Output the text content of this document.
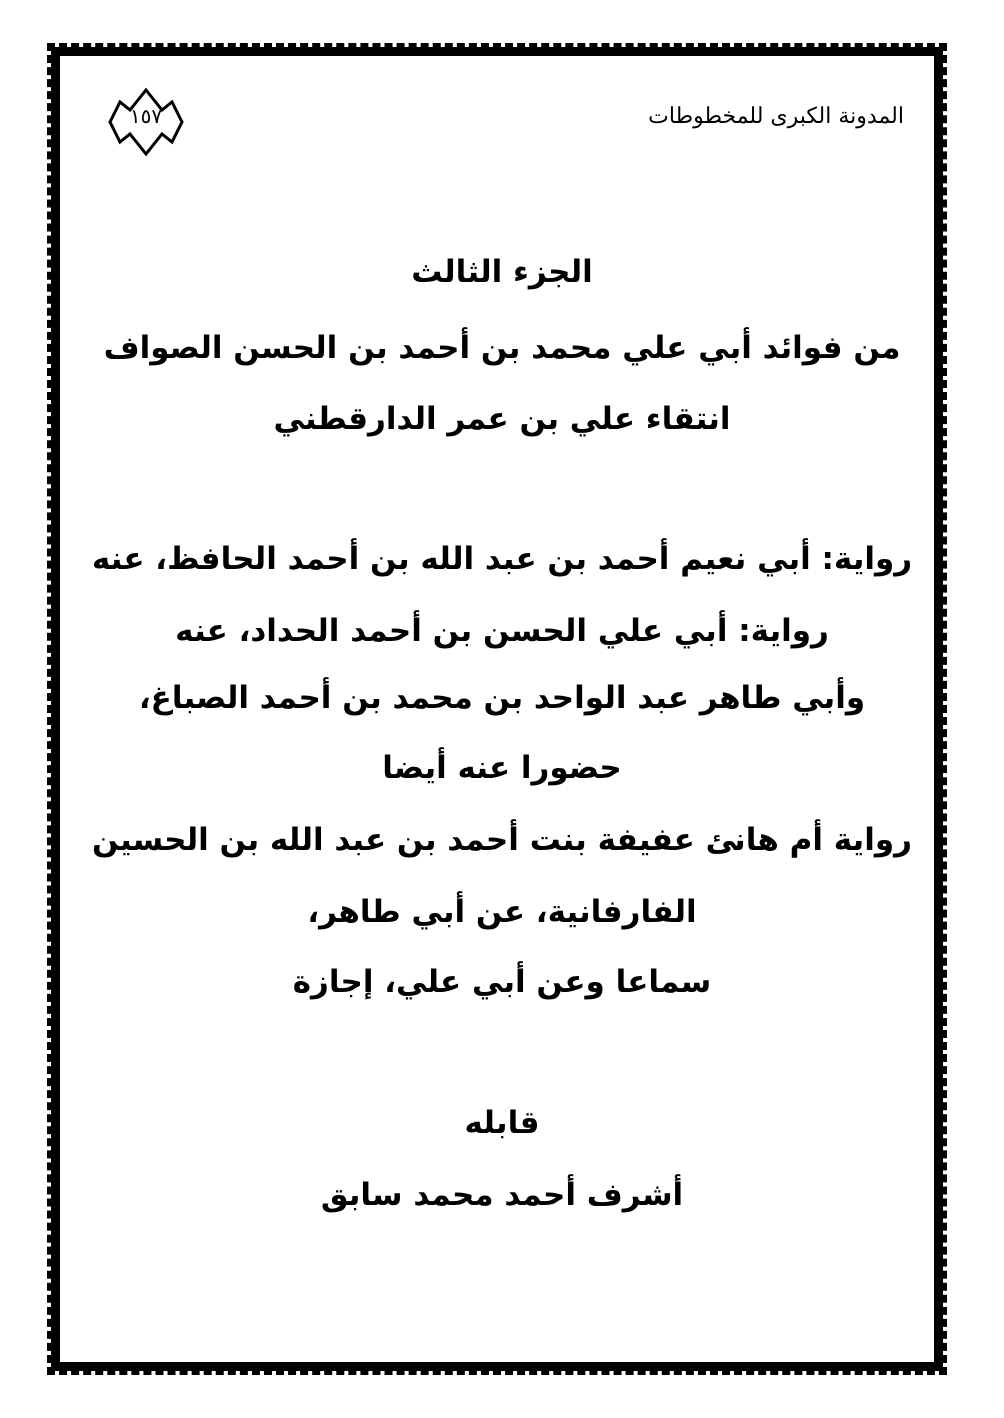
المدونة الكبرى للمخطوطات
١٥٧
الجزء الثالث
من فوائد أبي علي محمد بن أحمد بن الحسن الصواف
انتقاء علي بن عمر الدارقطني
رواية: أبي نعيم أحمد بن عبد الله بن أحمد الحافظ، عنه
رواية: أبي علي الحسن بن أحمد الحداد، عنه
وأبي طاهر عبد الواحد بن محمد بن أحمد الصباغ،
حضورا عنه أيضا
رواية أم هانئ عفيفة بنت أحمد بن عبد الله بن الحسين
الفارفانية، عن أبي طاهر،
سماعا وعن أبي علي، إجازة
قابله
أشرف أحمد محمد سابق
